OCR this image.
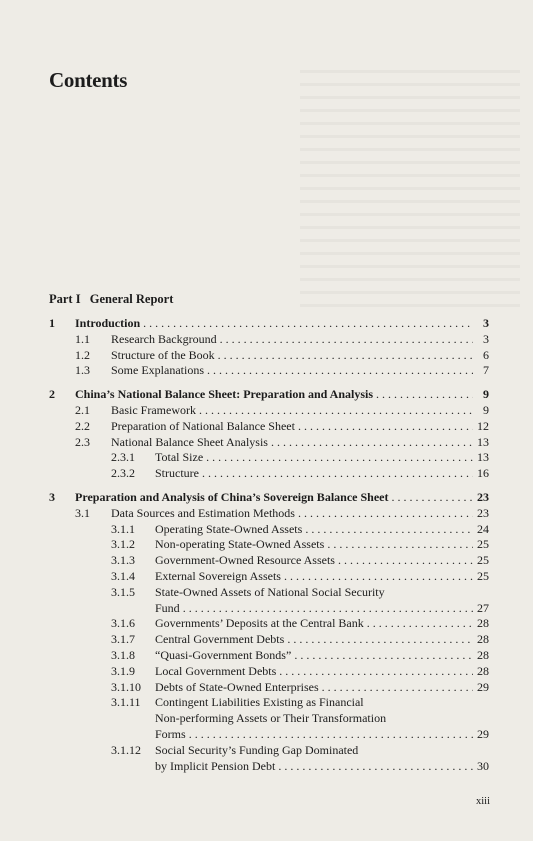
Contents
Part I General Report
1 Introduction . . .	3
1.1 Research Background . . .	3
1.2 Structure of the Book . . .	6
1.3 Some Explanations . . .	7
2 China’s National Balance Sheet: Preparation and Analysis . . .	9
2.1 Basic Framework . . .	9
2.2 Preparation of National Balance Sheet . . .	12
2.3 National Balance Sheet Analysis . . .	13
2.3.1 Total Size . . .	13
2.3.2 Structure . . .	16
3 Preparation and Analysis of China’s Sovereign Balance Sheet . . .	23
3.1 Data Sources and Estimation Methods . . .	23
3.1.1 Operating State-Owned Assets . . .	24
3.1.2 Non-operating State-Owned Assets . . .	25
3.1.3 Government-Owned Resource Assets . . .	25
3.1.4 External Sovereign Assets . . .	25
3.1.5 State-Owned Assets of National Social Security
Fund . . .	27
3.1.6 Governments’ Deposits at the Central Bank . . .	28
3.1.7 Central Government Debts . . .	28
3.1.8 “Quasi-Government Bonds” . . .	28
3.1.9 Local Government Debts . . .	28
3.1.10 Debts of State-Owned Enterprises . . .	29
3.1.11 Contingent Liabilities Existing as Financial
Non-performing Assets or Their Transformation
Forms . . .	29
3.1.12 Social Security’s Funding Gap Dominated
by Implicit Pension Debt . . .	30
xiii
